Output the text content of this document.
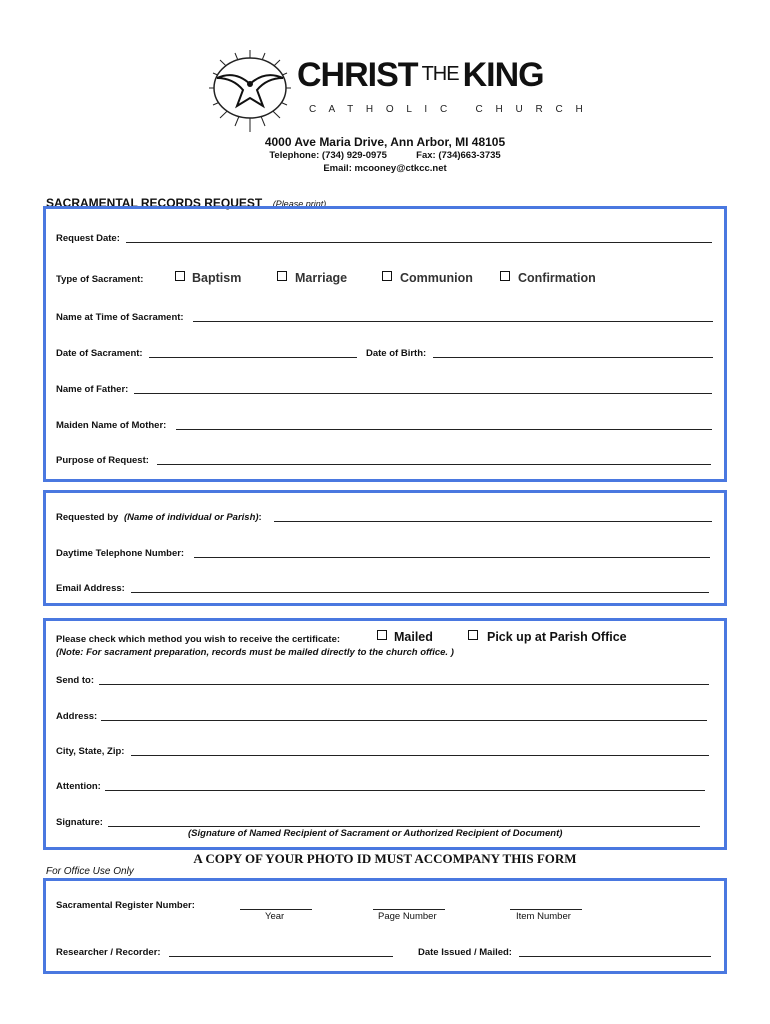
CHRIST THE KING
C A T H O L I C   C H U R C H
4000 Ave Maria Drive, Ann Arbor, MI 48105
Telephone: (734) 929-0975	Fax: (734)663-3735
Email: mcooney@ctkcc.net
SACRAMENTAL RECORDS REQUEST (Please print)
Request Date:
Type of Sacrament:	Baptism	Marriage	Communion	Confirmation
Name at Time of Sacrament:
Date of Sacrament:	Date of Birth:
Name of Father:
Maiden Name of Mother:
Purpose of Request:
Requested by (Name of individual or Parish):
Daytime Telephone Number:
Email Address:
Please check which method you wish to receive the certificate:	Mailed	Pick up at Parish Office
(Note: For sacrament preparation, records must be mailed directly to the church office. )
Send to:
Address:
City, State, Zip:
Attention:
Signature:
(Signature of Named Recipient of Sacrament or Authorized Recipient of Document)
A COPY OF YOUR PHOTO ID MUST ACCOMPANY THIS FORM
For Office Use Only
Sacramental Register Number:
Year	Page Number	Item Number
Researcher / Recorder:	Date Issued / Mailed:
